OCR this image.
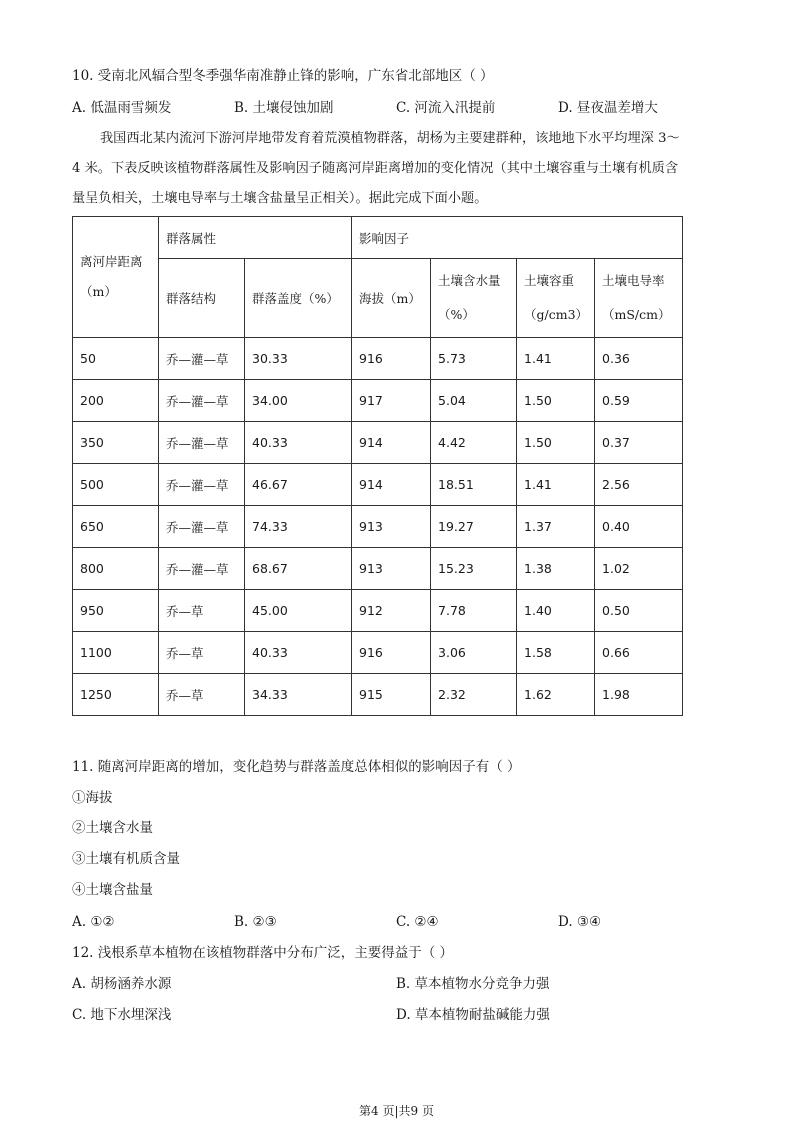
10. 受南北风辐合型冬季强华南准静止锋的影响，广东省北部地区（ ）
A. 低温雨雪频发	B. 土壤侵蚀加剧	C. 河流入汛提前	D. 昼夜温差增大
我国西北某内流河下游河岸地带发育着荒漠植物群落，胡杨为主要建群种，该地地下水平均埋深 3～
4 米。下表反映该植物群落属性及影响因子随离河岸距离增加的变化情况（其中土壤容重与土壤有机质含
量呈负相关，土壤电导率与土壤含盐量呈正相关）。据此完成下面小题。
离河岸距离（m）	群落属性		影响因子			
	群落结构	群落盖度（%）	海拔（m）	土壤含水量（%）	土壤容重（g/cm3）	土壤电导率（mS/cm）
50	乔—灌—草	30.33	916	5.73	1.41	0.36
200	乔—灌—草	34.00	917	5.04	1.50	0.59
350	乔—灌—草	40.33	914	4.42	1.50	0.37
500	乔—灌—草	46.67	914	18.51	1.41	2.56
650	乔—灌—草	74.33	913	19.27	1.37	0.40
800	乔—灌—草	68.67	913	15.23	1.38	1.02
950	乔—草	45.00	912	7.78	1.40	0.50
1100	乔—草	40.33	916	3.06	1.58	0.66
1250	乔—草	34.33	915	2.32	1.62	1.98
11. 随离河岸距离的增加，变化趋势与群落盖度总体相似的影响因子有（ ）
①海拔
②土壤含水量
③土壤有机质含量
④土壤含盐量
A. ①②	B. ②③	C. ②④	D. ③④
12. 浅根系草本植物在该植物群落中分布广泛，主要得益于（ ）
A. 胡杨涵养水源	B. 草本植物水分竞争力强
C. 地下水埋深浅	D. 草本植物耐盐碱能力强
第4 页|共9 页
